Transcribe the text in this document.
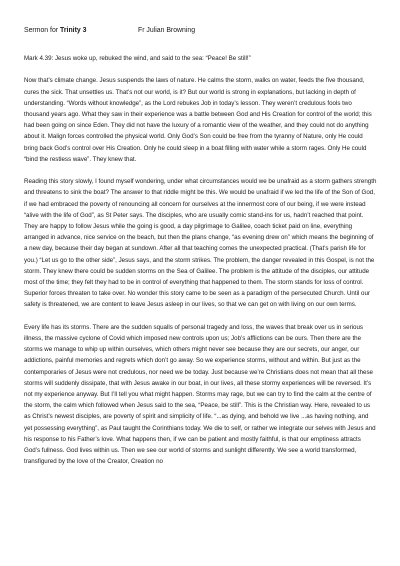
Sermon for Trinity 3	Fr Julian Browning

Mark 4.39: Jesus woke up, rebuked the wind, and said to the sea: “Peace! Be still!”

Now that’s climate change. Jesus suspends the laws of nature. He calms the storm, walks on water, feeds the five thousand, cures the sick. That unsettles us. That’s not our world, is it? But our world is strong in explanations, but lacking in depth of understanding. “Words without knowledge”, as the Lord rebukes Job in today’s lesson. They weren’t credulous fools two thousand years ago. What they saw in their experience was a battle between God and His Creation for control of the world; this had been going on since Eden. They did not have the luxury of a romantic view of the weather, and they could not do anything about it. Malign forces controlled the physical world. Only God’s Son could be free from the tyranny of Nature, only He could bring back God’s control over His Creation. Only he could sleep in a boat filling with water while a storm rages. Only He could “bind the restless wave”. They knew that.

Reading this story slowly, I found myself wondering, under what circumstances would we be unafraid as a storm gathers strength and threatens to sink the boat? The answer to that riddle might be this. We would be unafraid if we led the life of the Son of God, if we had embraced the poverty of renouncing all concern for ourselves at the innermost core of our being, if we were instead “alive with the life of God”, as St Peter says. The disciples, who are usually comic stand-ins for us, hadn’t reached that point. They are happy to follow Jesus while the going is good, a day pilgrimage to Galilee, coach ticket paid on line, everything arranged in advance, nice service on the beach, but then the plans change, “as evening drew on” which means the beginning of a new day, because their day began at sundown. After all that teaching comes the unexpected practical. (That’s parish life for you.) “Let us go to the other side”, Jesus says, and the storm strikes. The problem, the danger revealed in this Gospel, is not the storm. They knew there could be sudden storms on the Sea of Galilee. The problem is the attitude of the disciples, our attitude most of the time; they felt they had to be in control of everything that happened to them. The storm stands for loss of control. Superior forces threaten to take over. No wonder this story came to be seen as a paradigm of the persecuted Church. Until our safety is threatened, we are content to leave Jesus asleep in our lives, so that we can get on with living on our own terms.

Every life has its storms. There are the sudden squalls of personal tragedy and loss, the waves that break over us in serious illness, the massive cyclone of Covid which imposed new controls upon us; Job’s afflictions can be ours. Then there are the storms we manage to whip up within ourselves, which others might never see because they are our secrets, our anger, our addictions, painful memories and regrets which don’t go away. So we experience storms, without and within. But just as the contemporaries of Jesus were not credulous, nor need we be today. Just because we’re Christians does not mean that all these storms will suddenly dissipate, that with Jesus awake in our boat, in our lives, all these stormy experiences will be reversed. It’s not my experience anyway. But I’ll tell you what might happen. Storms may rage, but we can try to find the calm at the centre of the storm, the calm which followed when Jesus said to the sea, “Peace, be still”. This is the Christian way. Here, revealed to us as Christ’s newest disciples, are poverty of spirit and simplicity of life. “...as dying, and behold we live ...as having nothing, and yet possessing everything”, as Paul taught the Corinthians today. We die to self, or rather we integrate our selves with Jesus and his response to his Father’s love. What happens then, if we can be patient and mostly faithful, is that our emptiness attracts God’s fullness. God lives within us. Then we see our world of storms and sunlight differently. We see a world transformed, transfigured by the love of the Creator, Creation no
